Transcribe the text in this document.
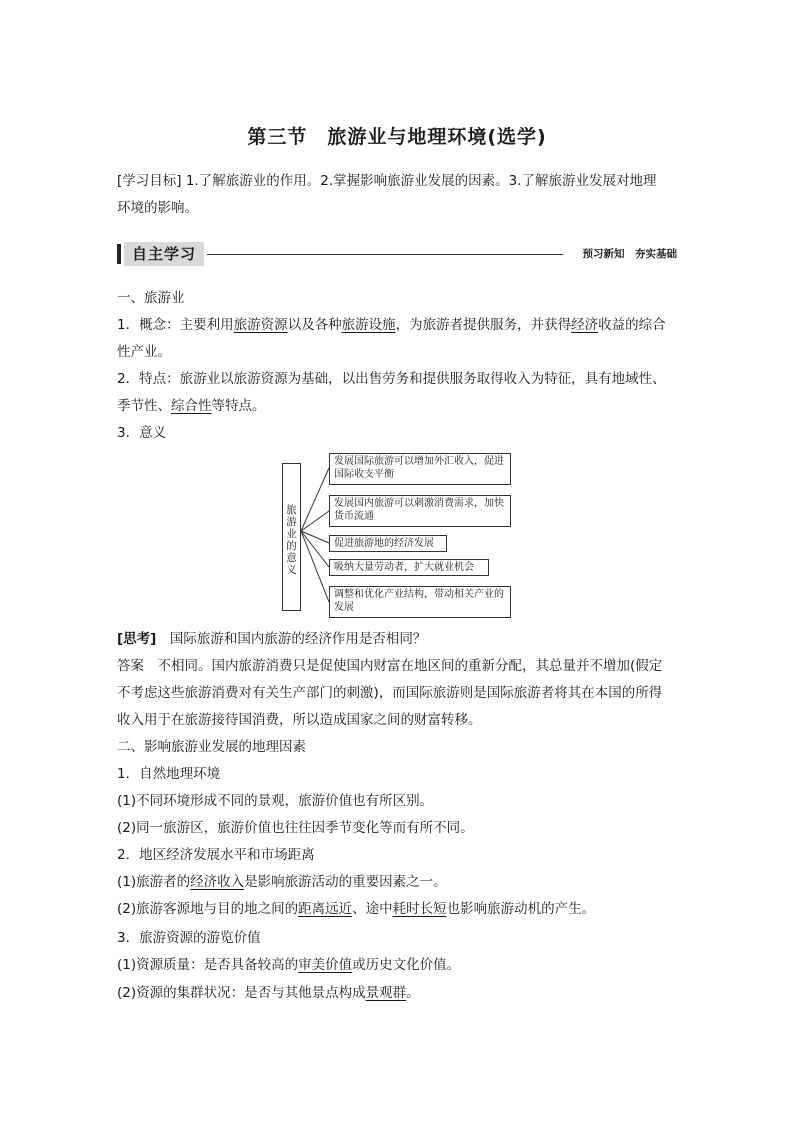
第三节　旅游业与地理环境(选学)
[学习目标] 1.了解旅游业的作用。2.掌握影响旅游业发展的因素。3.了解旅游业发展对地理
环境的影响。
自主学习	预习新知　夯实基础
一、旅游业
1．概念：主要利用旅游资源以及各种旅游设施，为旅游者提供服务，并获得经济收益的综合
性产业。
2．特点：旅游业以旅游资源为基础，以出售劳务和提供服务取得收入为特征，具有地域性、
季节性、综合性等特点。
3．意义
旅游业的意义
发展国际旅游可以增加外汇收入，促进国际收支平衡
发展国内旅游可以刺激消费需求，加快货币流通
促进旅游地的经济发展
吸纳大量劳动者，扩大就业机会
调整和优化产业结构，带动相关产业的发展
[思考]　国际旅游和国内旅游的经济作用是否相同？
答案　不相同。国内旅游消费只是促使国内财富在地区间的重新分配，其总量并不增加(假定
不考虑这些旅游消费对有关生产部门的刺激)，而国际旅游则是国际旅游者将其在本国的所得
收入用于在旅游接待国消费，所以造成国家之间的财富转移。
二、影响旅游业发展的地理因素
1．自然地理环境
(1)不同环境形成不同的景观，旅游价值也有所区别。
(2)同一旅游区，旅游价值也往往因季节变化等而有所不同。
2．地区经济发展水平和市场距离
(1)旅游者的经济收入是影响旅游活动的重要因素之一。
(2)旅游客源地与目的地之间的距离远近、途中耗时长短也影响旅游动机的产生。
3．旅游资源的游览价值
(1)资源质量：是否具备较高的审美价值或历史文化价值。
(2)资源的集群状况：是否与其他景点构成景观群。
